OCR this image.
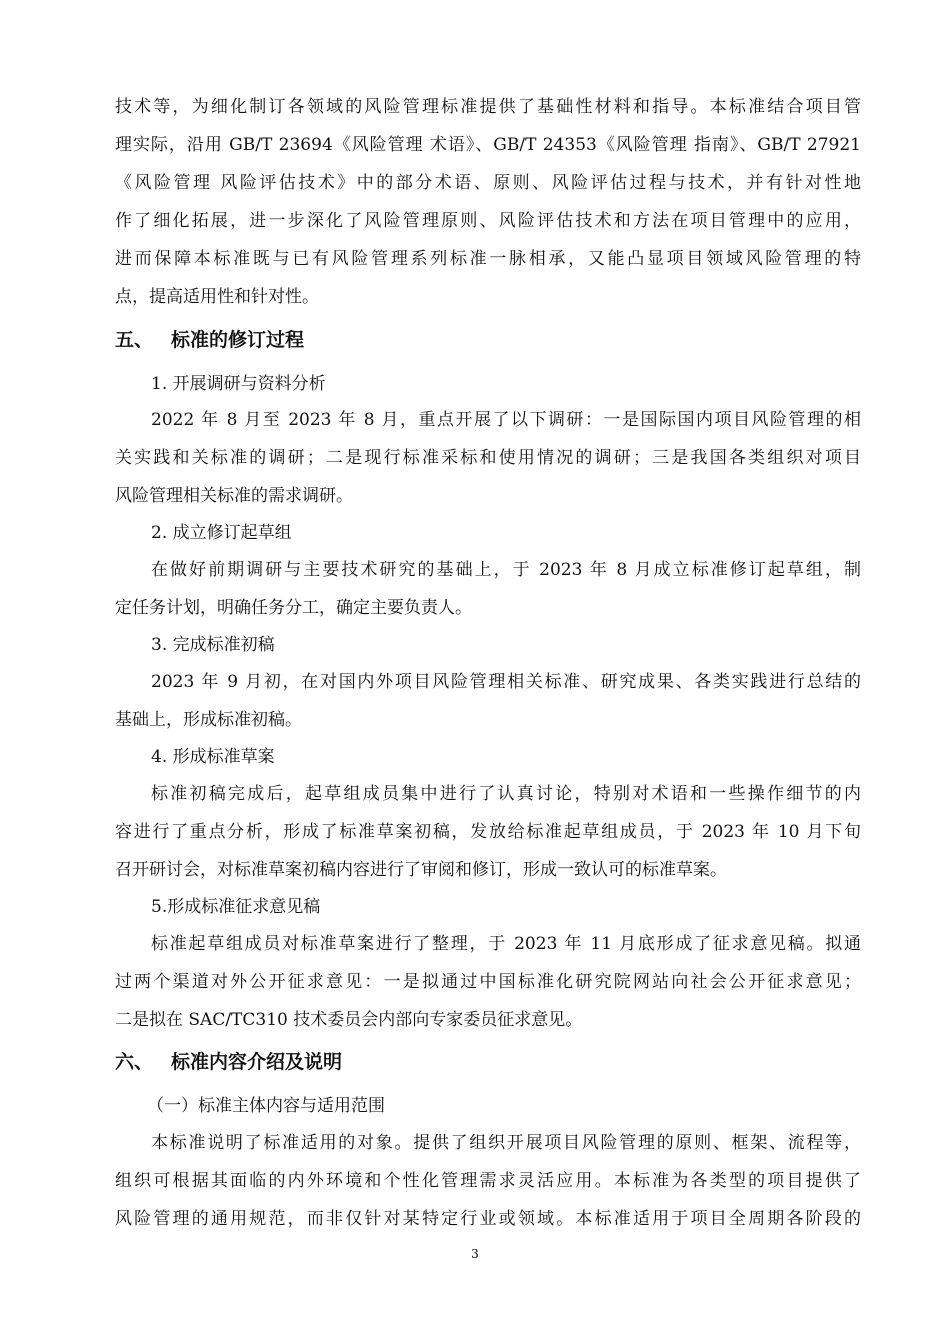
技术等，为细化制订各领域的风险管理标准提供了基础性材料和指导。本标准结合项目管
理实际，沿用 GB/T 23694《风险管理 术语》、GB/T 24353《风险管理 指南》、GB/T 27921
《风险管理 风险评估技术》中的部分术语、原则、风险评估过程与技术，并有针对性地
作了细化拓展，进一步深化了风险管理原则、风险评估技术和方法在项目管理中的应用，
进而保障本标准既与已有风险管理系列标准一脉相承，又能凸显项目领域风险管理的特
点，提高适用性和针对性。
五、 标准的修订过程
1. 开展调研与资料分析
2022 年 8 月至 2023 年 8 月，重点开展了以下调研：一是国际国内项目风险管理的相
关实践和关标准的调研；二是现行标准采标和使用情况的调研；三是我国各类组织对项目
风险管理相关标准的需求调研。
2. 成立修订起草组
在做好前期调研与主要技术研究的基础上，于 2023 年 8 月成立标准修订起草组，制
定任务计划，明确任务分工，确定主要负责人。
3. 完成标准初稿
2023 年 9 月初，在对国内外项目风险管理相关标准、研究成果、各类实践进行总结的
基础上，形成标准初稿。
4. 形成标准草案
标准初稿完成后，起草组成员集中进行了认真讨论，特别对术语和一些操作细节的内
容进行了重点分析，形成了标准草案初稿，发放给标准起草组成员，于 2023 年 10 月下旬
召开研讨会，对标准草案初稿内容进行了审阅和修订，形成一致认可的标准草案。
5.形成标准征求意见稿
标准起草组成员对标准草案进行了整理，于 2023 年 11 月底形成了征求意见稿。拟通
过两个渠道对外公开征求意见：一是拟通过中国标准化研究院网站向社会公开征求意见；
二是拟在 SAC/TC310 技术委员会内部向专家委员征求意见。
六、 标准内容介绍及说明
（一）标准主体内容与适用范围
本标准说明了标准适用的对象。提供了组织开展项目风险管理的原则、框架、流程等，
组织可根据其面临的内外环境和个性化管理需求灵活应用。本标准为各类型的项目提供了
风险管理的通用规范，而非仅针对某特定行业或领域。本标准适用于项目全周期各阶段的
3
